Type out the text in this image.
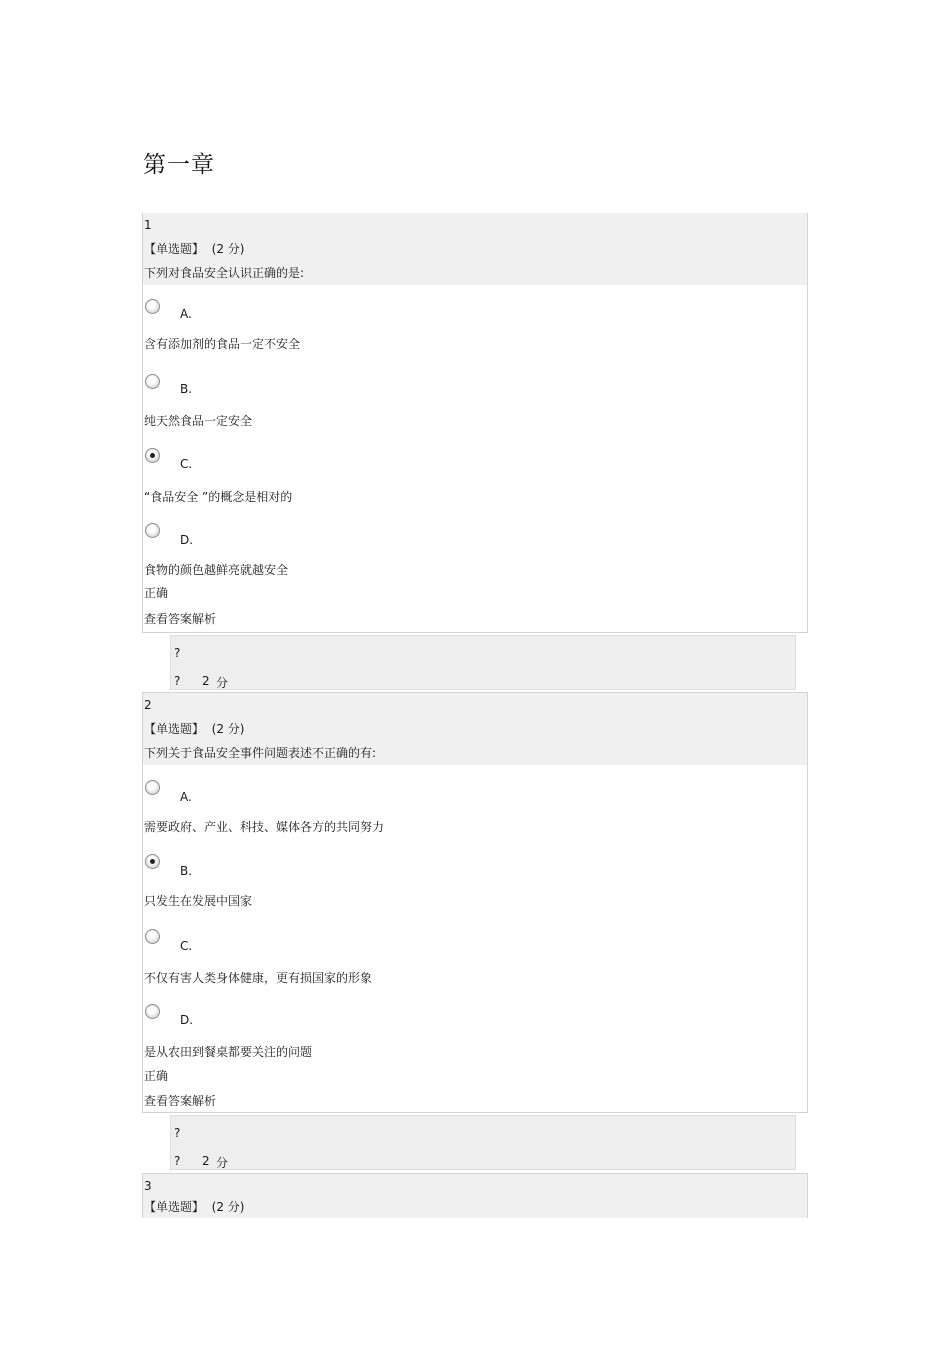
第一章
1
【单选题】 (2 分)
下列对食品安全认识正确的是:
A.
含有添加剂的食品一定不安全
B.
纯天然食品一定安全
C.
“食品安全 ”的概念是相对的
D.
食物的颜色越鲜亮就越安全
正确
查看答案解析
?
? 2 分
2
【单选题】 (2 分)
下列关于食品安全事件问题表述不正确的有:
A.
需要政府、产业、科技、媒体各方的共同努力
B.
只发生在发展中国家
C.
不仅有害人类身体健康，更有损国家的形象
D.
是从农田到餐桌都要关注的问题
正确
查看答案解析
?
? 2 分
3
【单选题】 (2 分)
